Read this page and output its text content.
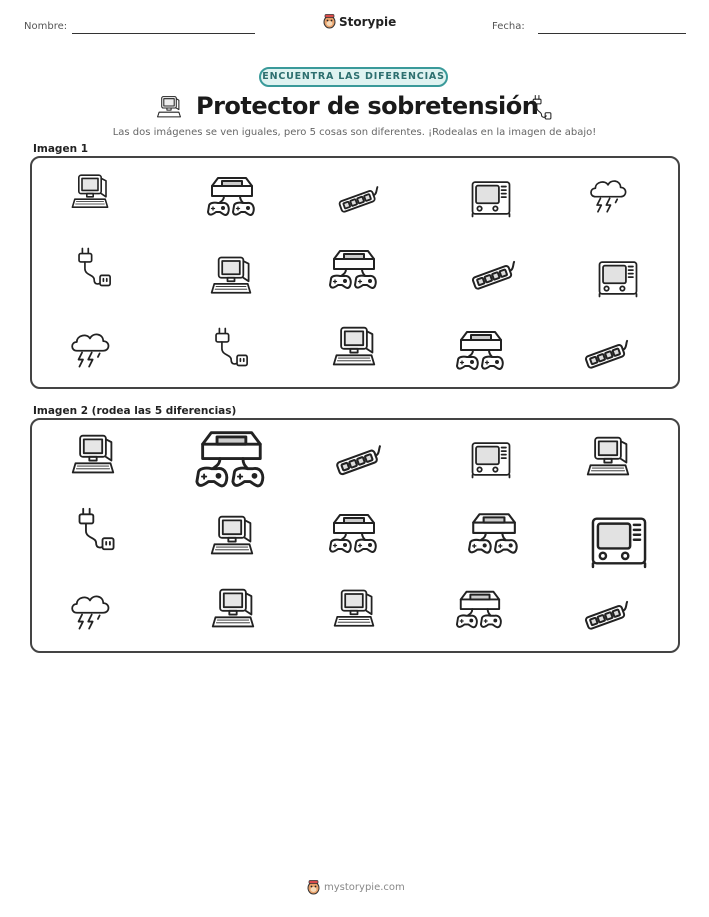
Nombre:	Storypie	Fecha:
ENCUENTRA LAS DIFERENCIAS
Protector de sobretensión
Las dos imágenes se ven iguales, pero 5 cosas son diferentes. ¡Rodealas en la imagen de abajo!
Imagen 1
Imagen 2 (rodea las 5 diferencias)
mystorypie.com
